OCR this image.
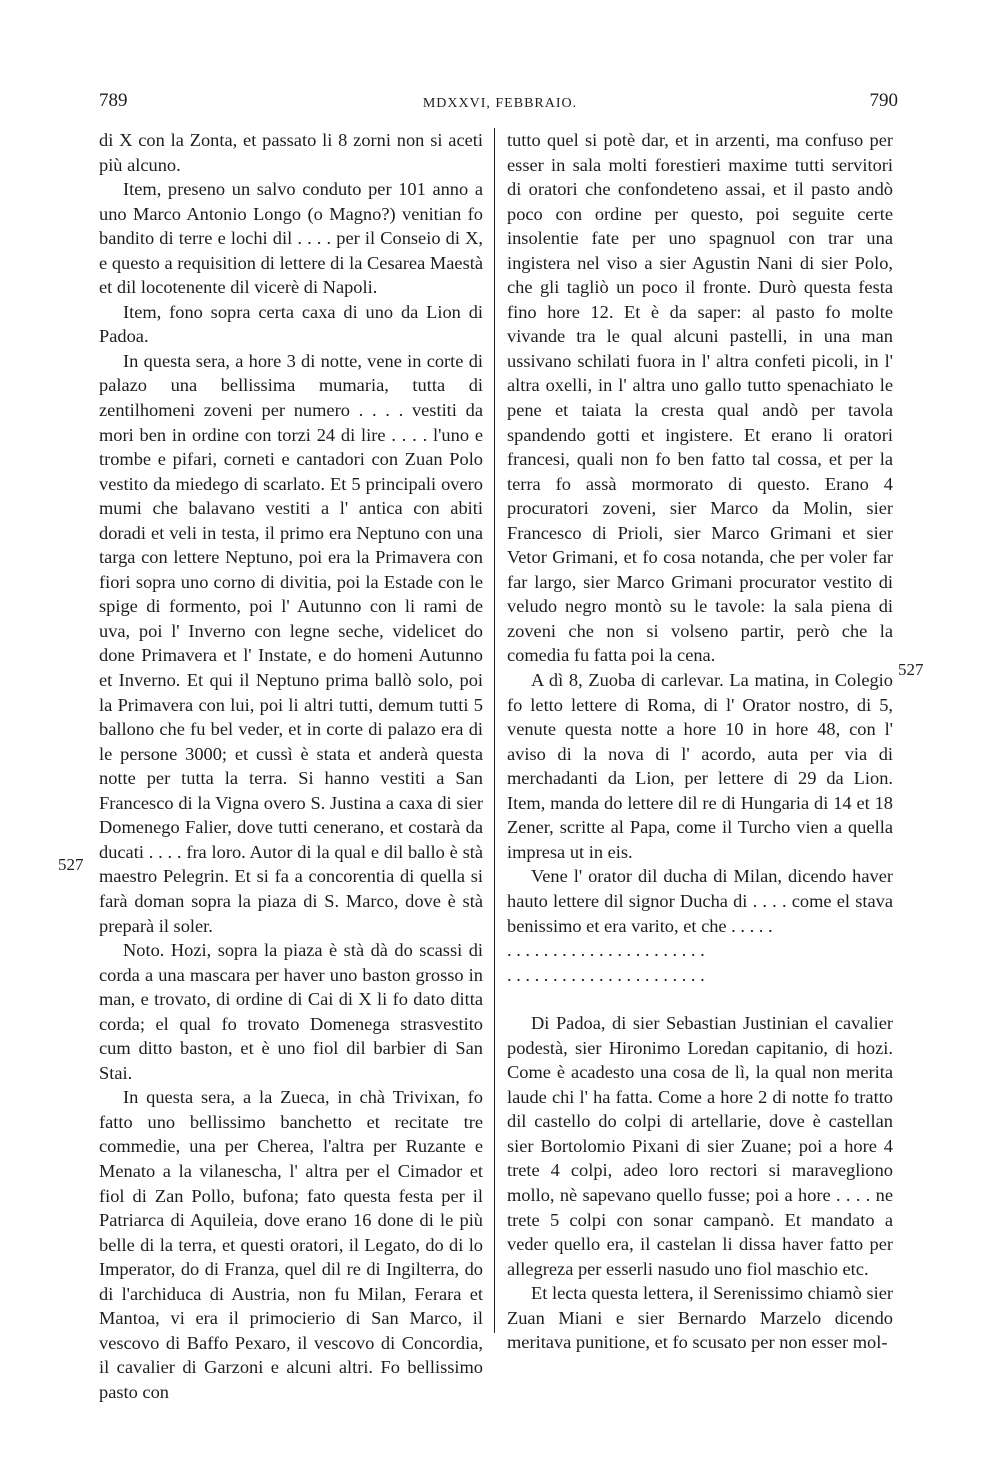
789	MDXXVI, FEBBRAIO.	790
527
527

di X con la Zonta, et passato li 8 zorni non si aceti più alcuno.

Item, preseno un salvo conduto per 101 anno a uno Marco Antonio Longo (o Magno?) venitian fo bandito di terre e lochi dil . . . . per il Conseio di X, e questo a requisition di lettere di la Cesarea Maestà et dil locotenente dil vicerè di Napoli.

Item, fono sopra certa caxa di uno da Lion di Padoa.

In questa sera, a hore 3 di notte, vene in corte di palazo una bellissima mumaria, tutta di zentilhomeni zoveni per numero . . . . vestiti da mori ben in ordine con torzi 24 di lire . . . . l'uno e trombe e pifari, corneti e cantadori con Zuan Polo vestito da miedego di scarlato. Et 5 principali overo mumi che balavano vestiti a l' antica con abiti doradi et veli in testa, il primo era Neptuno con una targa con lettere Neptuno, poi era la Primavera con fiori sopra uno corno di divitia, poi la Estade con le spige di formento, poi l' Autunno con li rami de uva, poi l' Inverno con legne seche, videlicet do done Primavera et l' Instate, e do homeni Autunno et Inverno. Et qui il Neptuno prima ballò solo, poi la Primavera con lui, poi li altri tutti, demum tutti 5 ballono che fu bel veder, et in corte di palazo era di le persone 3000; et cussì è stata et anderà questa notte per tutta la terra. Si hanno vestiti a San Francesco di la Vigna overo S. Justina a caxa di sier Domenego Falier, dove tutti cenerano, et costarà da ducati . . . . fra loro. Autor di la qual e dil ballo è stà maestro Pelegrin. Et si fa a concorentia di quella si farà doman sopra la piaza di S. Marco, dove è stà preparà il soler.

Noto. Hozi, sopra la piaza è stà dà do scassi di corda a una mascara per haver uno baston grosso in man, e trovato, di ordine di Cai di X li fo dato ditta corda; el qual fo trovato Domenega strasvestito cum ditto baston, et è uno fiol dil barbier di San Stai.

In questa sera, a la Zueca, in chà Trivixan, fo fatto uno bellissimo banchetto et recitate tre commedie, una per Cherea, l'altra per Ruzante e Menato a la vilanescha, l' altra per el Cimador et fiol di Zan Pollo, bufona; fato questa festa per il Patriarca di Aquileia, dove erano 16 done di le più belle di la terra, et questi oratori, il Legato, do di lo Imperator, do di Franza, quel dil re di Ingilterra, do di l'archiduca di Austria, non fu Milan, Ferara et Mantoa, vi era il primocierio di San Marco, il vescovo di Baffo Pexaro, il vescovo di Concordia, il cavalier di Garzoni e alcuni altri. Fo bellissimo pasto con

tutto quel si potè dar, et in arzenti, ma confuso per esser in sala molti forestieri maxime tutti servitori di oratori che confondeteno assai, et il pasto andò poco con ordine per questo, poi seguite certe insolentie fate per uno spagnuol con trar una ingistera nel viso a sier Agustin Nani di sier Polo, che gli tagliò un poco il fronte. Durò questa festa fino hore 12. Et è da saper: al pasto fo molte vivande tra le qual alcuni pastelli, in una man ussivano schilati fuora in l' altra confeti picoli, in l' altra oxelli, in l' altra uno gallo tutto spenachiato le pene et taiata la cresta qual andò per tavola spandendo gotti et ingistere. Et erano li oratori francesi, quali non fo ben fatto tal cossa, et per la terra fo assà mormorato di questo. Erano 4 procuratori zoveni, sier Marco da Molin, sier Francesco di Prioli, sier Marco Grimani et sier Vetor Grimani, et fo cosa notanda, che per voler far far largo, sier Marco Grimani procurator vestito di veludo negro montò su le tavole: la sala piena di zoveni che non si volseno partir, però che la comedia fu fatta poi la cena.

A dì 8, Zuoba di carlevar. La matina, in Colegio fo letto lettere di Roma, di l' Orator nostro, di 5, venute questa notte a hore 10 in hore 48, con l' aviso di la nova di l' acordo, auta per via di merchadanti da Lion, per lettere di 29 da Lion. Item, manda do lettere dil re di Hungaria di 14 et 18 Zener, scritte al Papa, come il Turcho vien a quella impresa ut in eis.

Vene l' orator dil ducha di Milan, dicendo haver hauto lettere dil signor Ducha di . . . . come el stava benissimo et era varito, et che . . . . .

. . . . . . . . . . . . . . . . . . . . . .

. . . . . . . . . . . . . . . . . . . . . .

Di Padoa, di sier Sebastian Justinian el cavalier podestà, sier Hironimo Loredan capitanio, di hozi. Come è acadesto una cosa de lì, la qual non merita laude chi l' ha fatta. Come a hore 2 di notte fo tratto dil castello do colpi di artellarie, dove è castellan sier Bortolomio Pixani di sier Zuane; poi a hore 4 trete 4 colpi, adeo loro rectori si maravegliono mollo, nè sapevano quello fusse; poi a hore . . . . ne trete 5 colpi con sonar campanò. Et mandato a veder quello era, il castelan li dissa haver fatto per allegreza per esserli nasudo uno fiol maschio etc.

Et lecta questa lettera, il Serenissimo chiamò sier Zuan Miani e sier Bernardo Marzelo dicendo meritava punitione, et fo scusato per non esser mol-
